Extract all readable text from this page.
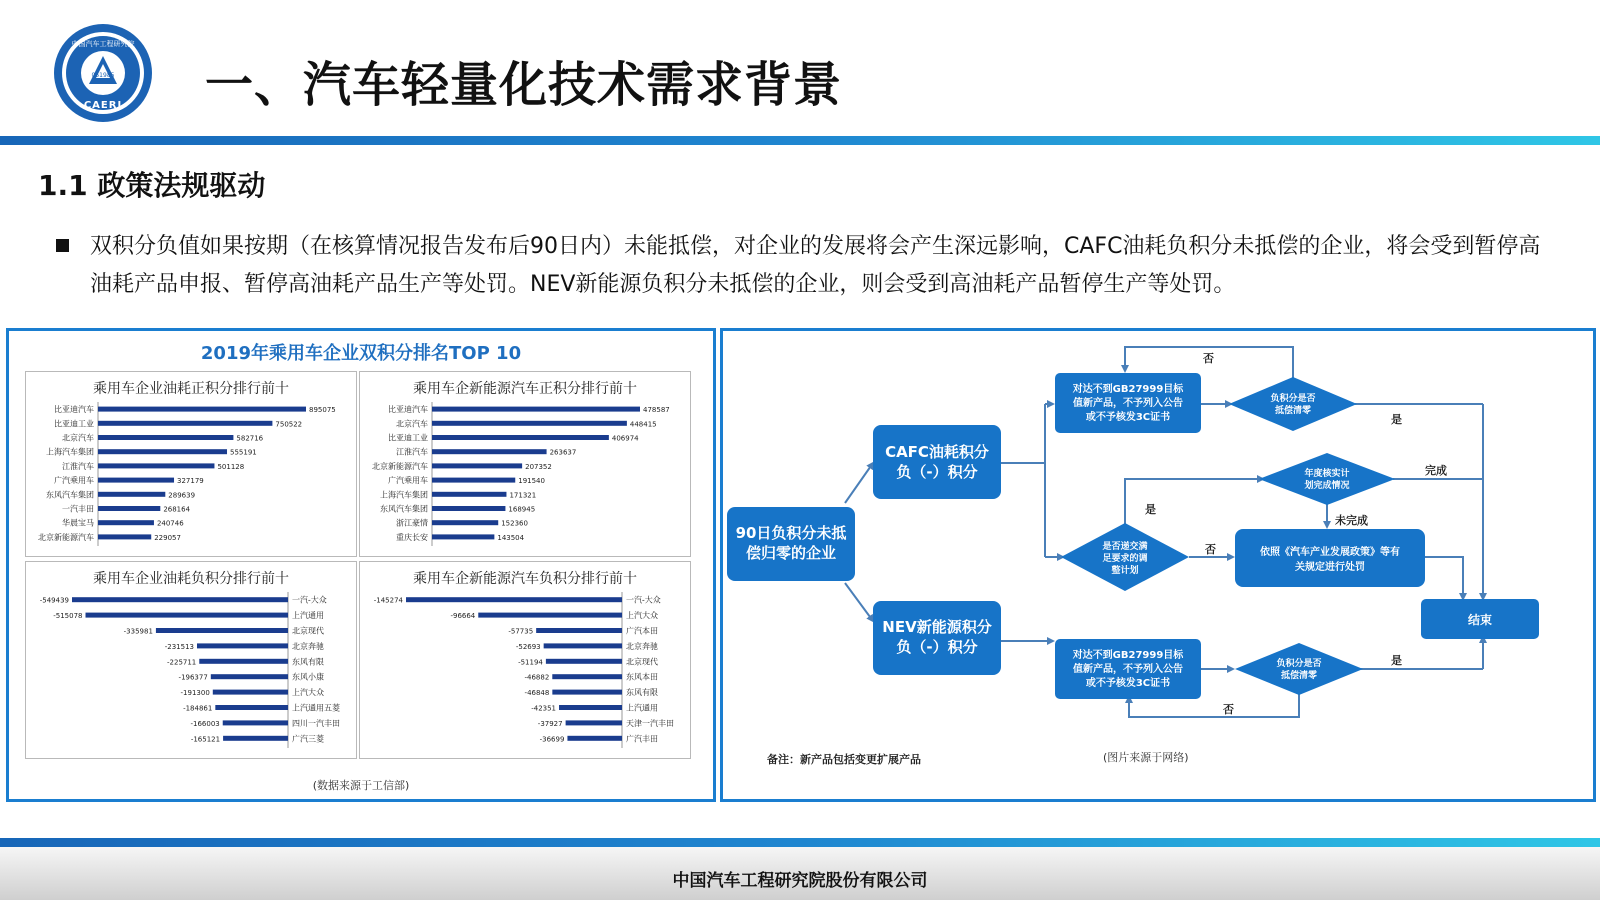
051985
CAERI
中国汽车工程研究院
一、汽车轻量化技术需求背景
1.1 政策法规驱动
双积分负值如果按期（在核算情况报告发布后90日内）未能抵偿，对企业的发展将会产生深远影响，CAFC油耗负积分未抵偿的企业，将会受到暂停高油耗产品申报、暂停高油耗产品生产等处罚。NEV新能源负积分未抵偿的企业，则会受到高油耗产品暂停生产等处罚。
2019年乘用车企业双积分排名TOP 10
乘用车企业油耗正积分排行前十
比亚迪汽车	895075
比亚迪工业	750522
北京汽车	582716
上海汽车集团	555191
江淮汽车	501128
广汽乘用车	327179
东风汽车集团	289639
一汽丰田	268164
华晨宝马	240746
北京新能源汽车	229057
乘用车企新能源汽车正积分排行前十
比亚迪汽车	478587
北京汽车	448415
比亚迪工业	406974
江淮汽车	263637
北京新能源汽车	207352
广汽乘用车	191540
上海汽车集团	171321
东风汽车集团	168945
浙江豪情	152360
重庆长安	143504
乘用车企业油耗负积分排行前十
-549439	一汽-大众
-515078	上汽通用
-335981	北京现代
-231513	北京奔驰
-225711	东风有限
-196377	东风小康
-191300	上汽大众
-184861	上汽通用五菱
-166003	四川一汽丰田
-165121	广汽三菱
乘用车企新能源汽车负积分排行前十
-145274	一汽-大众
-96664	上汽大众
-57735	广汽本田
-52693	北京奔驰
-51194	北京现代
-46882	东风本田
-46848	东风有限
-42351	上汽通用
-37927	天津一汽丰田
-36699	广汽丰田
(数据来源于工信部)
90日负积分未抵
偿归零的企业
CAFC油耗积分
负（-）积分
NEV新能源积分
负（-）积分
对达不到GB27999目标
值新产品，不予列入公告
或不予核发3C证书
对达不到GB27999目标
值新产品，不予列入公告
或不予核发3C证书
负积分是否
抵偿清零
年度核实计
划完成情况
是否递交满
足要求的调
整计划
负积分是否
抵偿清零
依照《汽车产业发展政策》等有
关规定进行处罚
结束
否
是
完成
未完成
是
否
是
否
备注：新产品包括变更扩展产品	(图片来源于网络)
中国汽车工程研究院股份有限公司
